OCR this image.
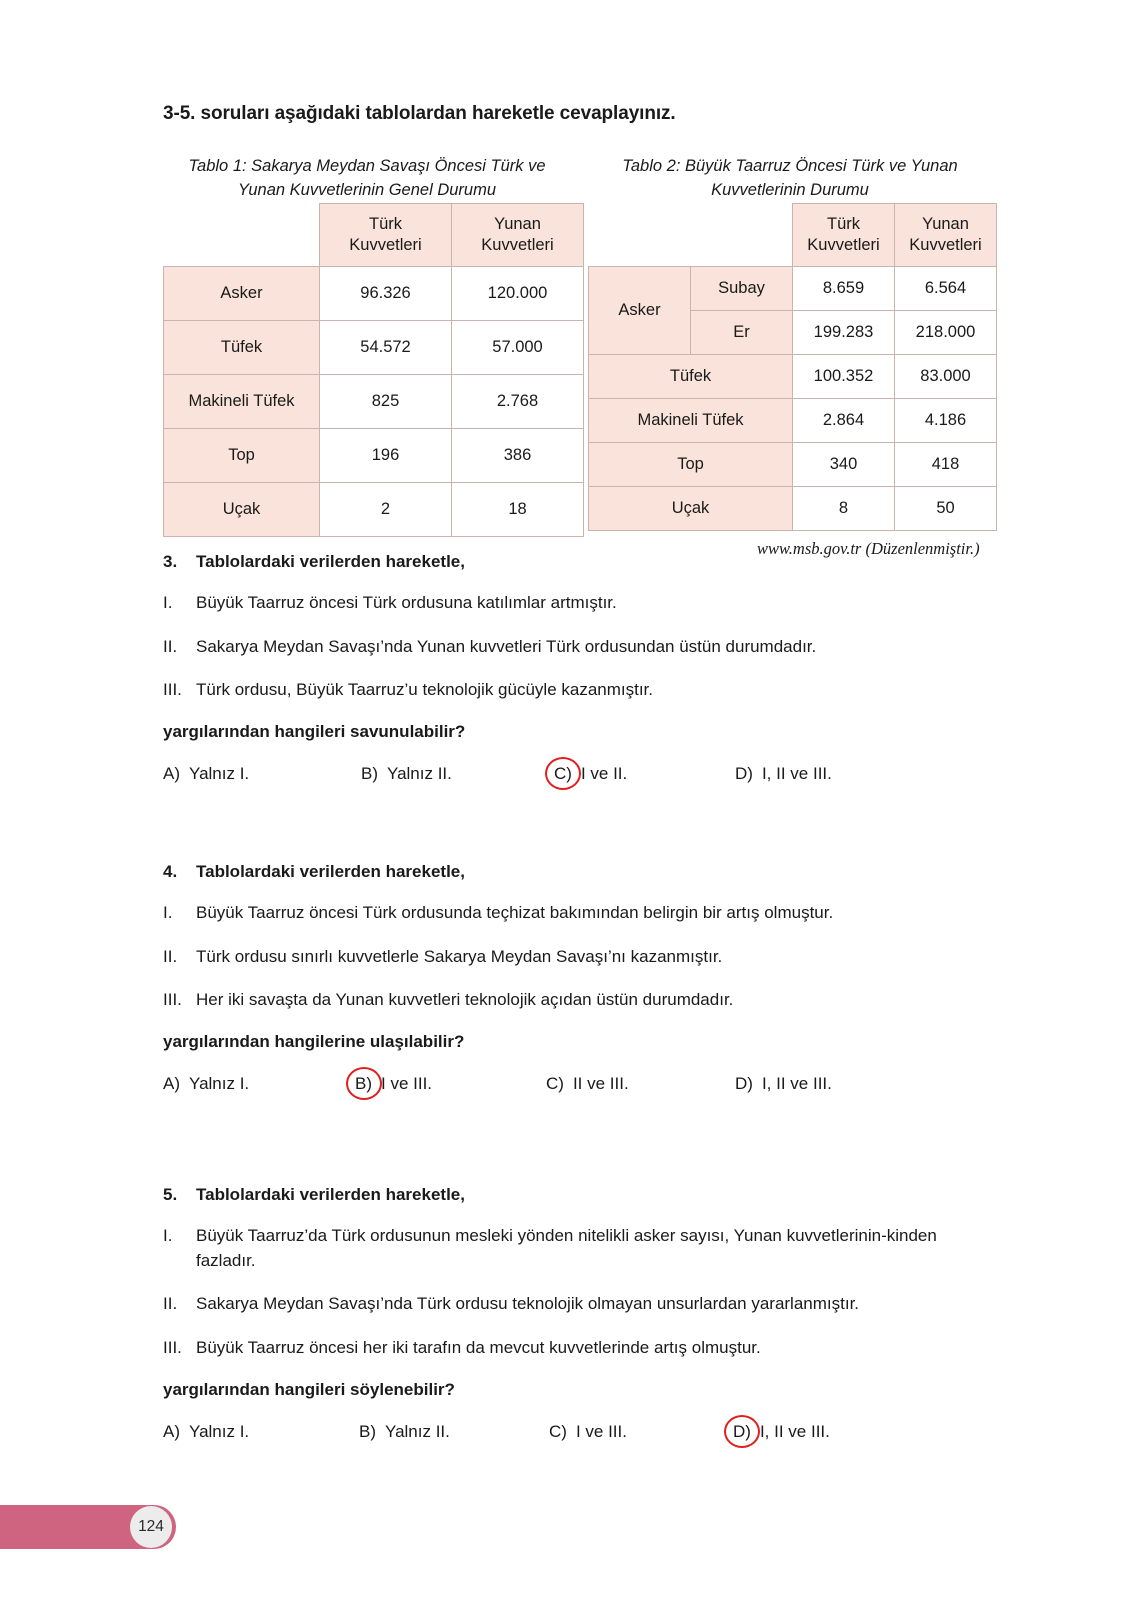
3-5. soruları aşağıdaki tablolardan hareketle cevaplayınız.
Tablo 1: Sakarya Meydan Savaşı Öncesi Türk ve Yunan Kuvvetlerinin Genel Durumu

Türk
Kuvvetleri

Yunan
Kuvvetleri

Asker	96.326	120.000
Tüfek	54.572	57.000
Makineli Tüfek	825	2.768
Top	196	386
Uçak	2	18
Tablo 2: Büyük Taarruz Öncesi Türk ve Yunan Kuvvetlerinin Durumu

Türk
Kuvvetleri

Yunan
Kuvvetleri

Asker	Subay	8.659	6.564
	Er	199.283	218.000
Tüfek		100.352	83.000
Makineli Tüfek		2.864	4.186
Top		340	418
Uçak		8	50
www.msb.gov.tr (Düzenlenmiştir.)
3.	Tablolardaki verilerden hareketle,
I.	Büyük Taarruz öncesi Türk ordusuna katılımlar artmıştır.
II.	Sakarya Meydan Savaşı’nda Yunan kuvvetleri Türk ordusundan üstün durumdadır.
III. Türk ordusu, Büyük Taarruz’u teknolojik gücüyle kazanmıştır.
yargılarından hangileri savunulabilir?
A) Yalnız I.	B) Yalnız II.	C) I ve II.	D) I, II ve III.
4.	Tablolardaki verilerden hareketle,
I.	Büyük Taarruz öncesi Türk ordusunda teçhizat bakımından belirgin bir artış olmuştur.
II.	Türk ordusu sınırlı kuvvetlerle Sakarya Meydan Savaşı’nı kazanmıştır.
III. Her iki savaşta da Yunan kuvvetleri teknolojik açıdan üstün durumdadır.
yargılarından hangilerine ulaşılabilir?
A) Yalnız I.	B) I ve III.	C) II ve III.	D) I, II ve III.
5.	Tablolardaki verilerden hareketle,
I.	Büyük Taarruz’da Türk ordusunun mesleki yönden nitelikli asker sayısı, Yunan kuvvetlerinin-kinden fazladır.
II.	Sakarya Meydan Savaşı’nda Türk ordusu teknolojik olmayan unsurlardan yararlanmıştır.
III. Büyük Taarruz öncesi her iki tarafın da mevcut kuvvetlerinde artış olmuştur.
yargılarından hangileri söylenebilir?
A) Yalnız I.	B) Yalnız II.	C) I ve III.	D) I, II ve III.
124
